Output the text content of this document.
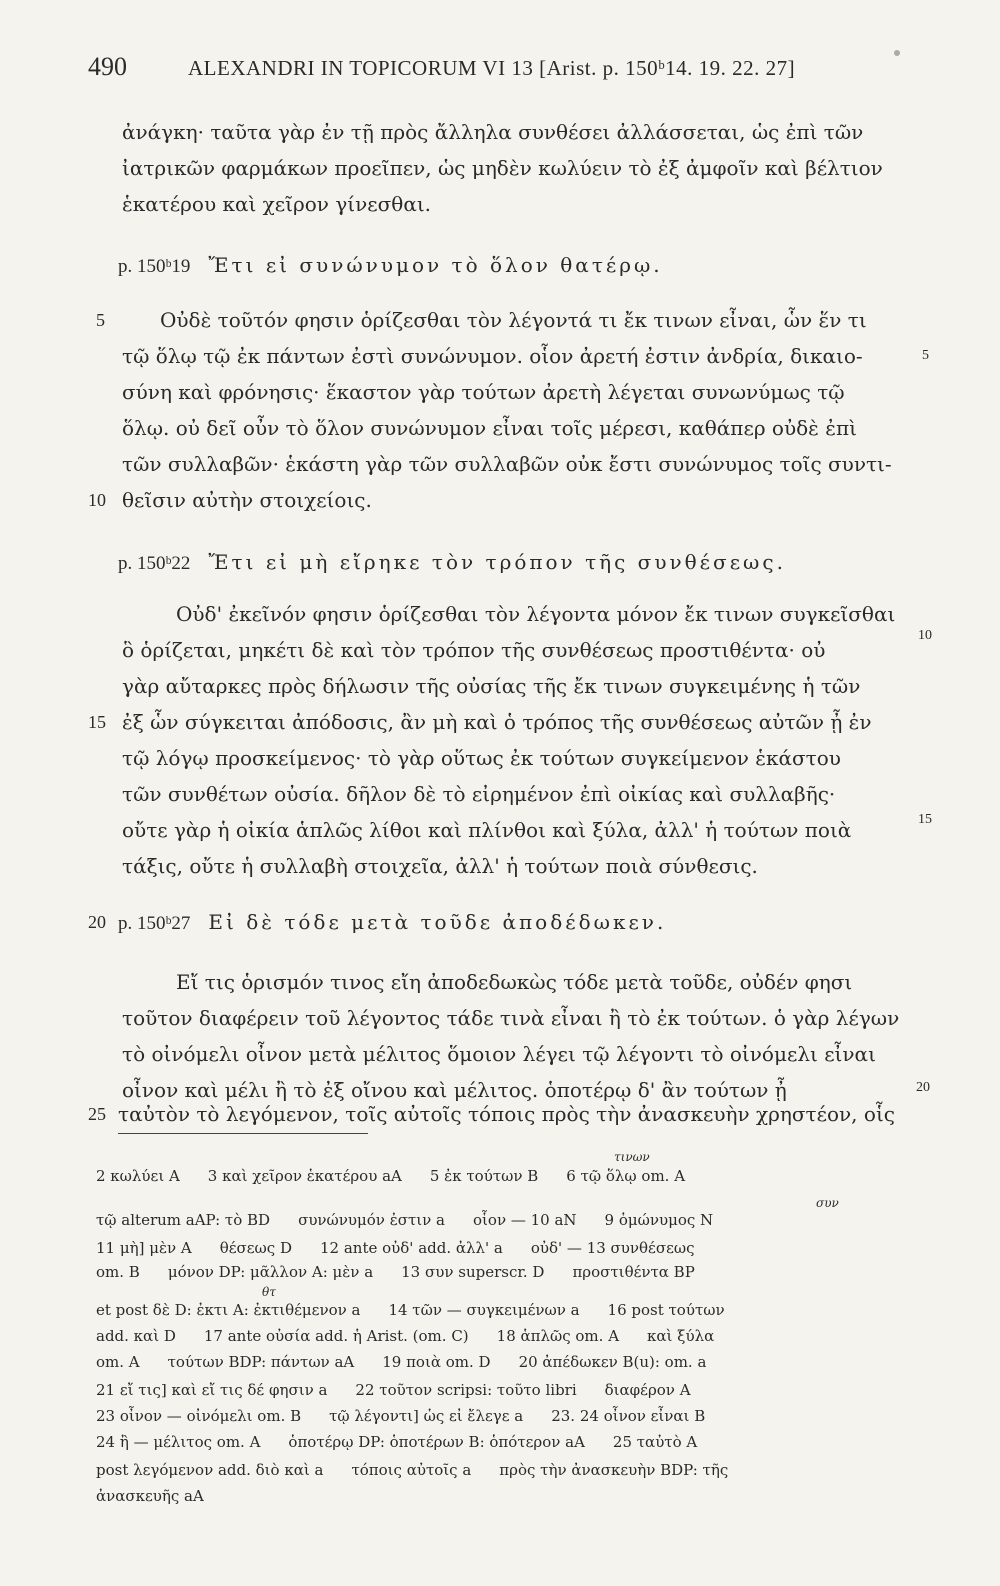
490	ALEXANDRI IN TOPICORUM VI 13 [Arist. p. 150ᵇ14. 19. 22. 27]
ἀνάγκη· ταῦτα γὰρ ἐν τῇ πρὸς ἄλληλα συνθέσει ἀλλάσσεται, ὡς ἐπὶ τῶν
ἰατρικῶν φαρμάκων προεῖπεν, ὡς μηδὲν κωλύειν τὸ ἐξ ἀμφοῖν καὶ βέλτιον
ἑκατέρου καὶ χεῖρον γίνεσθαι.
p. 150ᵇ19 Ἔτι εἰ συνώνυμον τὸ ὅλον θατέρῳ.
5	Οὐδὲ τοῦτόν φησιν ὁρίζεσθαι τὸν λέγοντά τι ἔκ τινων εἶναι, ὧν ἕν τι
τῷ ὅλῳ τῷ ἐκ πάντων ἐστὶ συνώνυμον. οἷον ἀρετή ἐστιν ἀνδρία, δικαιο-	5
σύνη καὶ φρόνησις· ἕκαστον γὰρ τούτων ἀρετὴ λέγεται συνωνύμως τῷ
ὅλῳ. οὐ δεῖ οὖν τὸ ὅλον συνώνυμον εἶναι τοῖς μέρεσι, καθάπερ οὐδὲ ἐπὶ
τῶν συλλαβῶν· ἑκάστη γὰρ τῶν συλλαβῶν οὐκ ἔστι συνώνυμος τοῖς συντι-
10 θεῖσιν αὐτὴν στοιχείοις.
p. 150ᵇ22 Ἔτι εἰ μὴ εἴρηκε τὸν τρόπον τῆς συνθέσεως.
Οὐδ' ἐκεῖνόν φησιν ὁρίζεσθαι τὸν λέγοντα μόνον ἔκ τινων συγκεῖσθαι
ὃ ὁρίζεται, μηκέτι δὲ καὶ τὸν τρόπον τῆς συνθέσεως προστιθέντα· οὐ
10
γὰρ αὔταρκες πρὸς δήλωσιν τῆς οὐσίας τῆς ἔκ τινων συγκειμένης ἡ τῶν
15 ἐξ ὧν σύγκειται ἀπόδοσις, ἂν μὴ καὶ ὁ τρόπος τῆς συνθέσεως αὐτῶν ᾖ ἐν
τῷ λόγῳ προσκείμενος· τὸ γὰρ οὕτως ἐκ τούτων συγκείμενον ἑκάστου
τῶν συνθέτων οὐσία. δῆλον δὲ τὸ εἰρημένον ἐπὶ οἰκίας καὶ συλλαβῆς·
οὔτε γὰρ ἡ οἰκία ἁπλῶς λίθοι καὶ πλίνθοι καὶ ξύλα, ἀλλ' ἡ τούτων ποιὰ	15
τάξις, οὔτε ἡ συλλαβὴ στοιχεῖα, ἀλλ' ἡ τούτων ποιὰ σύνθεσις.
20 p. 150ᵇ27 Εἰ δὲ τόδε μετὰ τοῦδε ἀποδέδωκεν.
Εἴ τις ὁρισμόν τινος εἴη ἀποδεδωκὼς τόδε μετὰ τοῦδε, οὐδέν φησι
τοῦτον διαφέρειν τοῦ λέγοντος τάδε τινὰ εἶναι ἢ τὸ ἐκ τούτων. ὁ γὰρ λέγων
τὸ οἰνόμελι οἶνον μετὰ μέλιτος ὅμοιον λέγει τῷ λέγοντι τὸ οἰνόμελι εἶναι
οἶνον καὶ μέλι ἢ τὸ ἐξ οἴνου καὶ μέλιτος. ὁποτέρῳ δ' ἂν τούτων ᾖ
25 ταὐτὸν τὸ λεγόμενον, τοῖς αὐτοῖς τόποις πρὸς τὴν ἀνασκευὴν χρηστέον, οἷς
20
τινων
συν
θτ
2 κωλύει A 3 καὶ χεῖρον ἑκατέρου aA 5 ἐκ τούτων B 6 τῷ ὅλῳ om. A
τῷ alterum aAP: τὸ BD συνώνυμόν ἐστιν a οἷον — 10 aN 9 ὁμώνυμος N
11 μὴ] μὲν A θέσεως D 12 ante οὐδ' add. ἀλλ' a οὐδ' — 13 συνθέσεως
om. B μόνον DP: μᾶλλον A: μὲν a 13 συν superscr. D προστιθέντα BP
et post δὲ D: ἐκτι A: ἐκτιθέμενον a 14 τῶν — συγκειμένων a 16 post τούτων
add. καὶ D 17 ante οὐσία add. ἡ Arist. (om. C) 18 ἁπλῶς om. A καὶ ξύλα
om. A τούτων BDP: πάντων aA 19 ποιὰ om. D 20 ἀπέδωκεν B(u): om. a
21 εἴ τις] καὶ εἴ τις δέ φησιν a 22 τοῦτον scripsi: τοῦτο libri διαφέρον A
23 οἶνον — οἰνόμελι om. B τῷ λέγοντι] ὡς εἰ ἔλεγε a 23. 24 οἶνον εἶναι B
24 ἢ — μέλιτος om. A ὁποτέρῳ DP: ὁποτέρων B: ὁπότερον aA 25 ταὐτὸ A
post λεγόμενον add. διὸ καὶ a τόποις αὐτοῖς a πρὸς τὴν ἀνασκευὴν BDP: τῆς
ἀνασκευῆς aA
